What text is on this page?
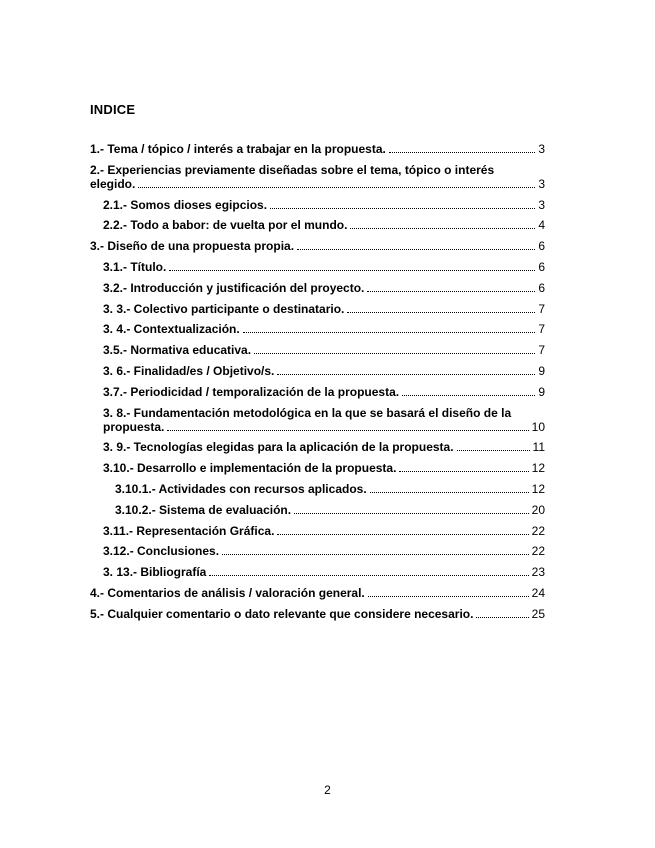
INDICE
1.- Tema / tópico / interés a trabajar en la propuesta.	3
2.- Experiencias previamente diseñadas sobre el tema, tópico o interés
elegido.	3
2.1.- Somos dioses egipcios.	3
2.2.- Todo a babor: de vuelta por el mundo.	4
3.- Diseño de una propuesta propia.	6
3.1.- Título.	6
3.2.- Introducción y justificación del proyecto.	6
3. 3.- Colectivo participante o destinatario.	7
3. 4.- Contextualización.	7
3.5.- Normativa educativa.	7
3. 6.- Finalidad/es / Objetivo/s.	9
3.7.- Periodicidad / temporalización de la propuesta.	9
3. 8.- Fundamentación metodológica en la que se basará el diseño de la
propuesta.	10
3. 9.- Tecnologías elegidas para la aplicación de la propuesta.	11
3.10.- Desarrollo e implementación de la propuesta.	12
3.10.1.- Actividades con recursos aplicados.	12
3.10.2.- Sistema de evaluación.	20
3.11.- Representación Gráfica.	22
3.12.- Conclusiones.	22
3. 13.- Bibliografía	23
4.- Comentarios de análisis / valoración general.	24
5.- Cualquier comentario o dato relevante que considere necesario.	25
2
